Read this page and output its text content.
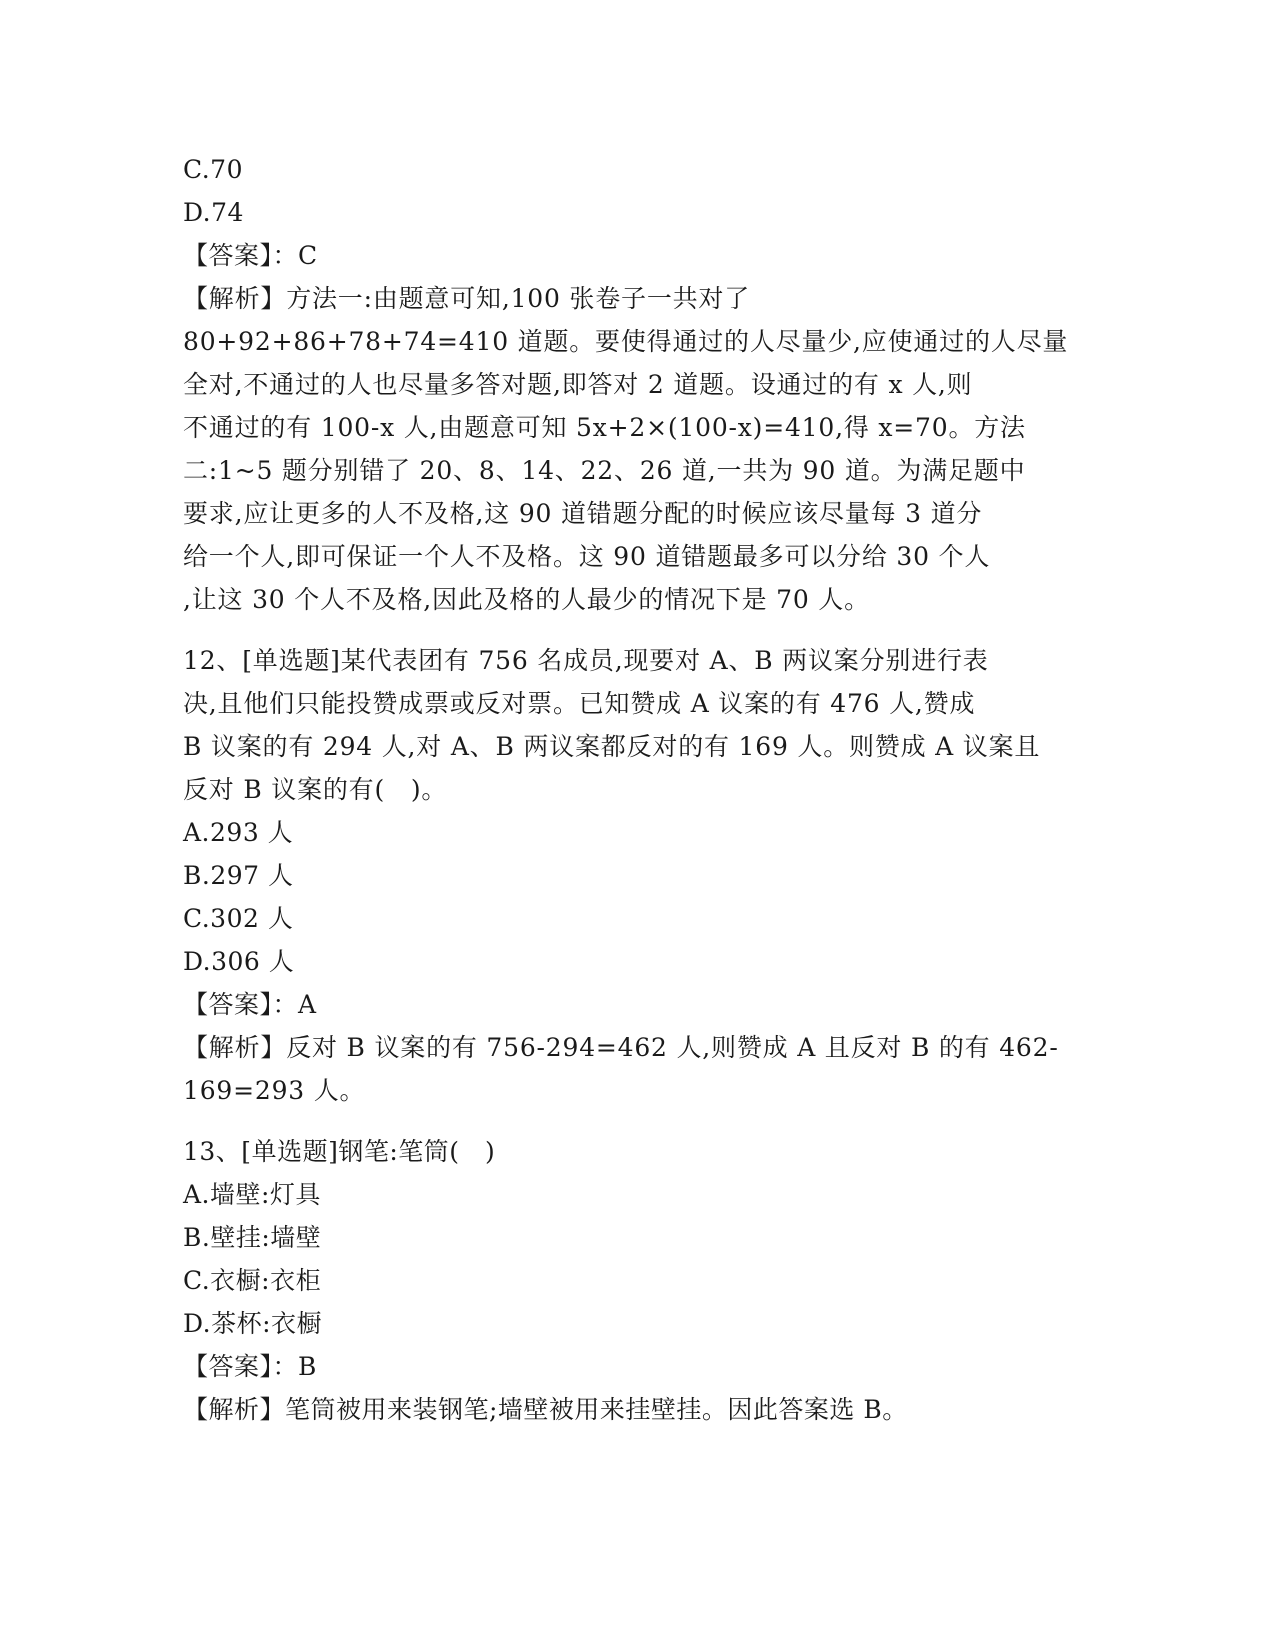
C.70
D.74
【答案】：C
【解析】方法一:由题意可知,100 张卷子一共对了
80+92+86+78+74=410 道题。要使得通过的人尽量少,应使通过的人尽量
全对,不通过的人也尽量多答对题,即答对 2 道题。设通过的有 x 人,则
不通过的有 100-x 人,由题意可知 5x+2×(100-x)=410,得 x=70。方法
二:1~5 题分别错了 20、8、14、22、26 道,一共为 90 道。为满足题中
要求,应让更多的人不及格,这 90 道错题分配的时候应该尽量每 3 道分
给一个人,即可保证一个人不及格。这 90 道错题最多可以分给 30 个人
,让这 30 个人不及格,因此及格的人最少的情况下是 70 人。
12、[单选题]某代表团有 756 名成员,现要对 A、B 两议案分别进行表
决,且他们只能投赞成票或反对票。已知赞成 A 议案的有 476 人,赞成
B 议案的有 294 人,对 A、B 两议案都反对的有 169 人。则赞成 A 议案且
反对 B 议案的有(　)。
A.293 人
B.297 人
C.302 人
D.306 人
【答案】：A
【解析】反对 B 议案的有 756-294=462 人,则赞成 A 且反对 B 的有 462-
169=293 人。
13、[单选题]钢笔:笔筒(　)
A.墙壁:灯具
B.壁挂:墙壁
C.衣橱:衣柜
D.茶杯:衣橱
【答案】：B
【解析】笔筒被用来装钢笔;墙壁被用来挂壁挂。因此答案选 B。
